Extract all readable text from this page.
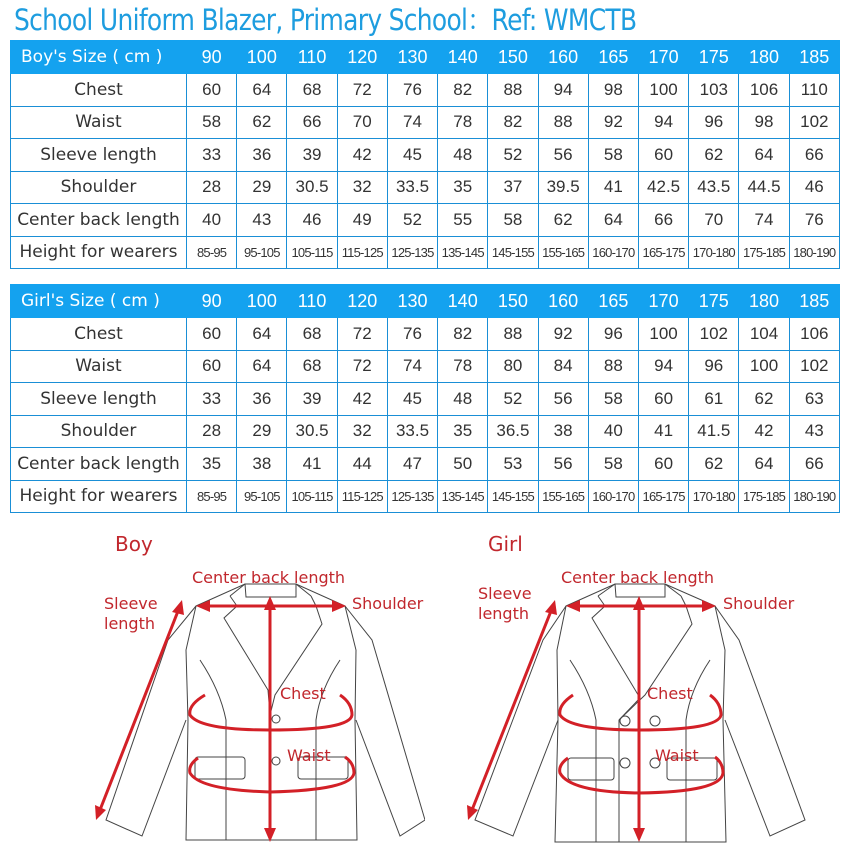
School Uniform Blazer, Primary School：Ref: WMCTB
Boy's Size ( cm )	90	100	110	120	130	140	150	160	165	170	175	180	185
Chest	60	64	68	72	76	82	88	94	98	100	103	106	110
Waist	58	62	66	70	74	78	82	88	92	94	96	98	102
Sleeve length	33	36	39	42	45	48	52	56	58	60	62	64	66
Shoulder	28	29	30.5	32	33.5	35	37	39.5	41	42.5	43.5	44.5	46
Center back length	40	43	46	49	52	55	58	62	64	66	70	74	76
Height for wearers	85-95	95-105	105-115	115-125	125-135	135-145	145-155	155-165	160-170	165-175	170-180	175-185	180-190
Girl's Size ( cm )	90	100	110	120	130	140	150	160	165	170	175	180	185
Chest	60	64	68	72	76	82	88	92	96	100	102	104	106
Waist	60	64	68	72	74	78	80	84	88	94	96	100	102
Sleeve length	33	36	39	42	45	48	52	56	58	60	61	62	63
Shoulder	28	29	30.5	32	33.5	35	36.5	38	40	41	41.5	42	43
Center back length	35	38	41	44	47	50	53	56	58	60	62	64	66
Height for wearers	85-95	95-105	105-115	115-125	125-135	135-145	145-155	155-165	160-170	165-175	170-180	175-185	180-190
Boy
Center back length
Shoulder
Sleeve
length
Chest
Waist
Girl
Center back length
Shoulder
Sleeve
length
Chest
Waist
